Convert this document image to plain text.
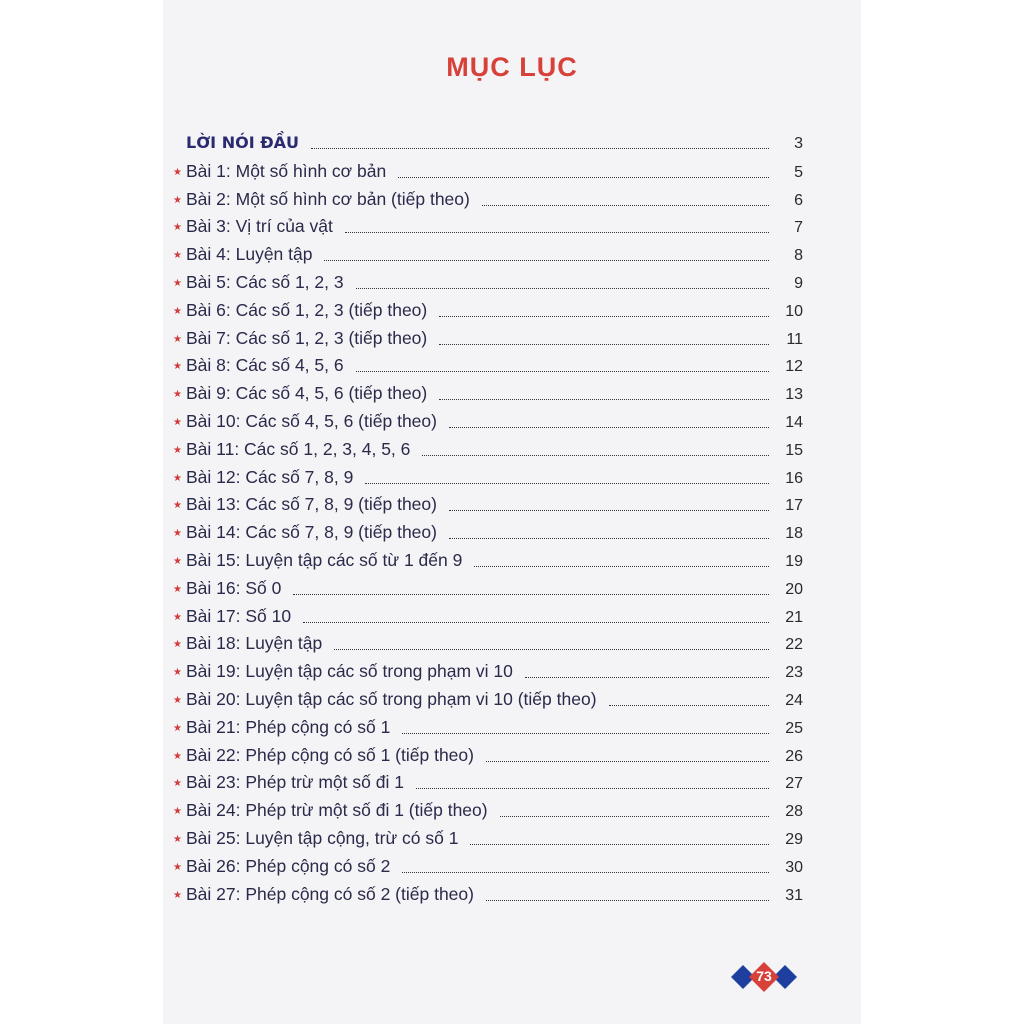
MỤC LỤC
LỜI NÓI ĐẦU	3
★ Bài 1: Một số hình cơ bản	5
★ Bài 2: Một số hình cơ bản (tiếp theo)	6
★ Bài 3: Vị trí của vật	7
★ Bài 4: Luyện tập	8
★ Bài 5: Các số 1, 2, 3	9
★ Bài 6: Các số 1, 2, 3 (tiếp theo)	10
★ Bài 7: Các số 1, 2, 3 (tiếp theo)	11
★ Bài 8: Các số 4, 5, 6	12
★ Bài 9: Các số 4, 5, 6 (tiếp theo)	13
★ Bài 10: Các số 4, 5, 6 (tiếp theo)	14
★ Bài 11: Các số 1, 2, 3, 4, 5, 6	15
★ Bài 12: Các số 7, 8, 9	16
★ Bài 13: Các số 7, 8, 9 (tiếp theo)	17
★ Bài 14: Các số 7, 8, 9 (tiếp theo)	18
★ Bài 15: Luyện tập các số từ 1 đến 9	19
★ Bài 16: Số 0	20
★ Bài 17: Số 10	21
★ Bài 18: Luyện tập	22
★ Bài 19: Luyện tập các số trong phạm vi 10	23
★ Bài 20: Luyện tập các số trong phạm vi 10 (tiếp theo)	24
★ Bài 21: Phép cộng có số 1	25
★ Bài 22: Phép cộng có số 1 (tiếp theo)	26
★ Bài 23: Phép trừ một số đi 1	27
★ Bài 24: Phép trừ một số đi 1 (tiếp theo)	28
★ Bài 25: Luyện tập cộng, trừ có số 1	29
★ Bài 26: Phép cộng có số 2	30
★ Bài 27: Phép cộng có số 2 (tiếp theo)	31
73
